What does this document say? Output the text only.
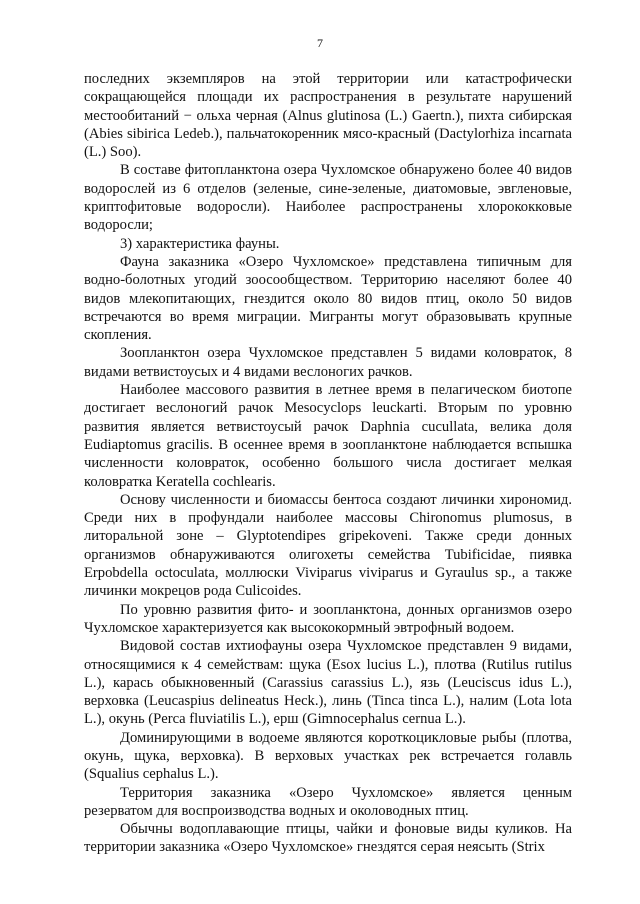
7

последних экземпляров на этой территории или катастрофически сокращающейся площади их распространения в результате нарушений местообитаний − ольха черная (Alnus glutinosa (L.) Gaertn.), пихта сибирская (Abies sibirica Ledeb.), пальчатокоренник мясо-красный (Dactylorhiza incarnata (L.) Soo).

В составе фитопланктона озера Чухломское обнаружено более 40 видов водорослей из 6 отделов (зеленые, сине-зеленые, диатомовые, эвгленовые, криптофитовые водоросли). Наиболее распространены хлорококковые водоросли;

3) характеристика фауны.

Фауна заказника «Озеро Чухломское» представлена типичным для водно-болотных угодий зоосообществом. Территорию населяют более 40 видов млекопитающих, гнездится около 80 видов птиц, около 50 видов встречаются во время миграции. Мигранты могут образовывать крупные скопления.

Зоопланктон озера Чухломское представлен 5 видами коловраток, 8 видами ветвистоусых и 4 видами веслоногих рачков.

Наиболее массового развития в летнее время в пелагическом биотопе достигает веслоногий рачок Mesocyclops leuckarti. Вторым по уровню развития является ветвистоусый рачок Daphnia cucullata, велика доля Eudiaptomus gracilis. В осеннее время в зоопланктоне наблюдается вспышка численности коловраток, особенно большого числа достигает мелкая коловратка Keratella cochlearis.

Основу численности и биомассы бентоса создают личинки хирономид. Среди них в профундали наиболее массовы Chironomus plumosus, в литоральной зоне – Glyptotendipes gripekoveni. Также среди донных организмов обнаруживаются олигохеты семейства Tubificidae, пиявка Erpobdella octoculata, моллюски Viviparus viviparus и Gyraulus sp., а также личинки мокрецов рода Culicoides.

По уровню развития фито- и зоопланктона, донных организмов озеро Чухломское характеризуется как высококормный эвтрофный водоем.

Видовой состав ихтиофауны озера Чухломское представлен 9 видами, относящимися к 4 семействам: щука (Esox lucius L.), плотва (Rutilus rutilus L.), карась обыкновенный (Carassius carassius L.), язь (Leuciscus idus L.), верховка (Leucaspius delineatus Heck.), линь (Tinca tinca L.), налим (Lota lota L.), окунь (Perca fluviatilis L.), ерш (Gimnocephalus cernua L.).

Доминирующими в водоеме являются короткоцикловые рыбы (плотва, окунь, щука, верховка). В верховых участках рек встречается голавль (Squalius cephalus L.).

Территория заказника «Озеро Чухломское» является ценным резерватом для воспроизводства водных и околоводных птиц.

Обычны водоплавающие птицы, чайки и фоновые виды куликов. На территории заказника «Озеро Чухломское» гнездятся серая неясыть (Strix
